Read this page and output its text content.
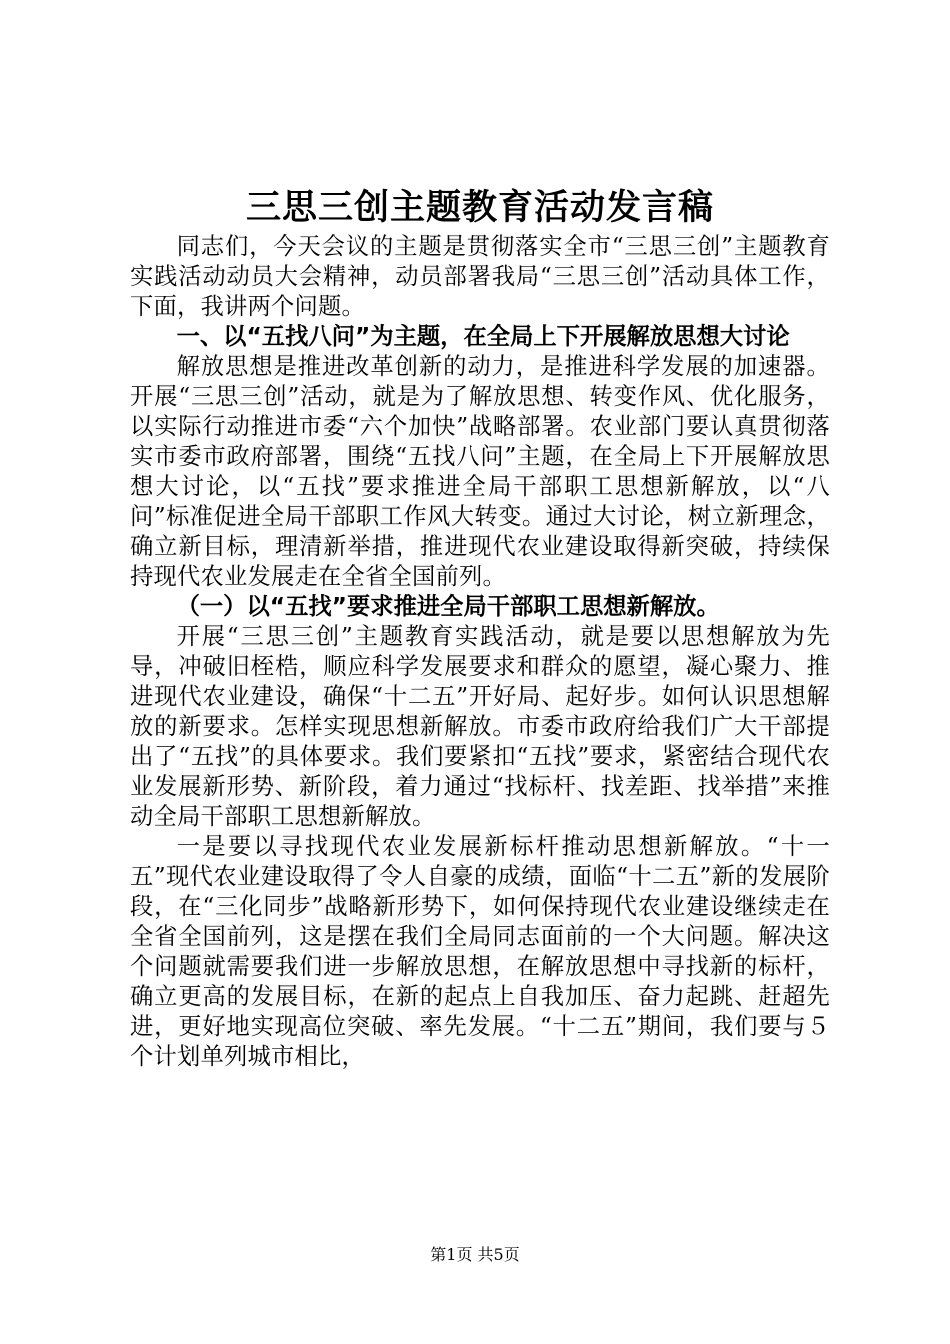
三思三创主题教育活动发言稿

同志们，今天会议的主题是贯彻落实全市“三思三创”主题教育实践活动动员大会精神，动员部署我局“三思三创”活动具体工作，下面，我讲两个问题。

一、以“五找八问”为主题，在全局上下开展解放思想大讨论

解放思想是推进改革创新的动力，是推进科学发展的加速器。开展“三思三创”活动，就是为了解放思想、转变作风、优化服务，以实际行动推进市委“六个加快”战略部署。农业部门要认真贯彻落实市委市政府部署，围绕“五找八问”主题，在全局上下开展解放思想大讨论，以“五找”要求推进全局干部职工思想新解放，以“八问”标准促进全局干部职工作风大转变。通过大讨论，树立新理念，确立新目标，理清新举措，推进现代农业建设取得新突破，持续保持现代农业发展走在全省全国前列。

（一）以“五找”要求推进全局干部职工思想新解放。

开展“三思三创”主题教育实践活动，就是要以思想解放为先导，冲破旧桎梏，顺应科学发展要求和群众的愿望，凝心聚力、推进现代农业建设，确保“十二五”开好局、起好步。如何认识思想解放的新要求。怎样实现思想新解放。市委市政府给我们广大干部提出了“五找”的具体要求。我们要紧扣“五找”要求，紧密结合现代农业发展新形势、新阶段，着力通过“找标杆、找差距、找举措”来推动全局干部职工思想新解放。

一是要以寻找现代农业发展新标杆推动思想新解放。“十一五”现代农业建设取得了令人自豪的成绩，面临“十二五”新的发展阶段，在“三化同步”战略新形势下，如何保持现代农业建设继续走在全省全国前列，这是摆在我们全局同志面前的一个大问题。解决这个问题就需要我们进一步解放思想，在解放思想中寻找新的标杆，确立更高的发展目标，在新的起点上自我加压、奋力起跳、赶超先进，更好地实现高位突破、率先发展。“十二五”期间，我们要与５个计划单列城市相比，

第1页 共5页
